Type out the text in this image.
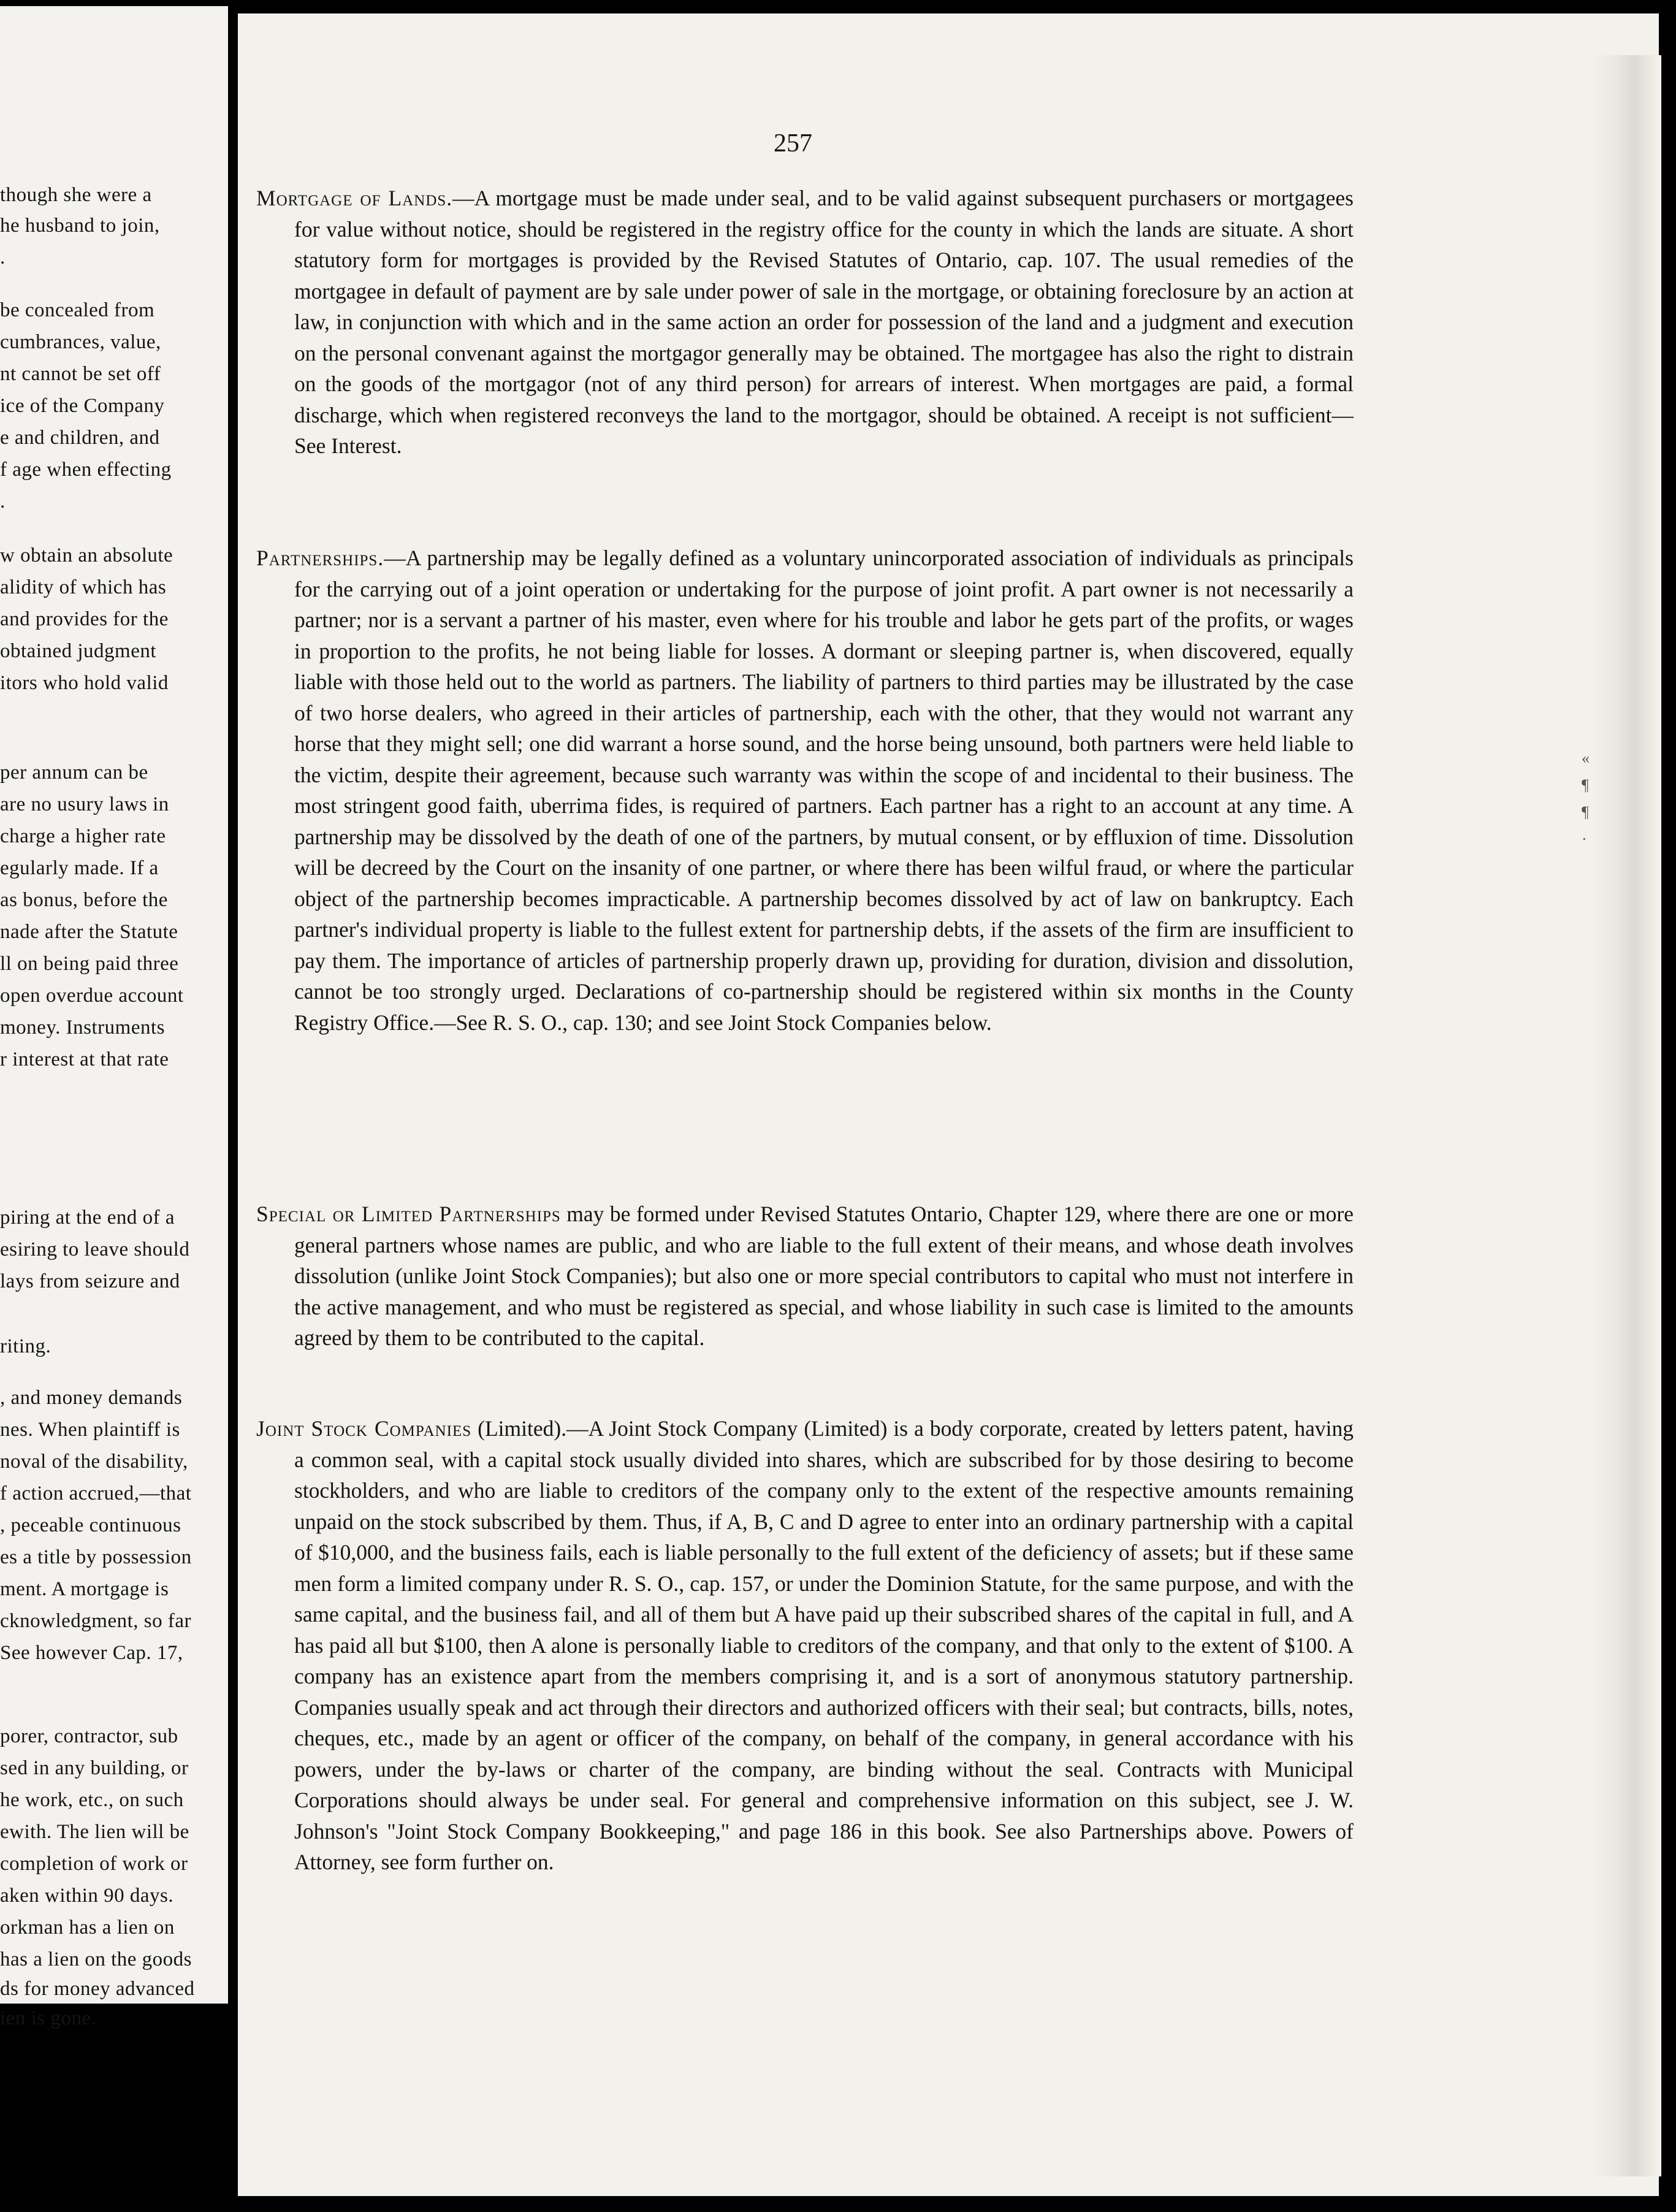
though she were a
he husband to join,
.
be concealed from
cumbrances, value,
nt cannot be set off
ice of the Company
e and children, and
f age when effecting
.
w obtain an absolute
alidity of which has
and provides for the
obtained judgment
itors who hold valid
per annum can be
are no usury laws in
charge a higher rate
egularly made. If a
as bonus, before the
nade after the Statute
ll on being paid three
open overdue account
money. Instruments
r interest at that rate
piring at the end of a
esiring to leave should
lays from seizure and
riting.
, and money demands
nes. When plaintiff is
noval of the disability,
f action accrued,—that
, peceable continuous
es a title by possession
ment. A mortgage is
cknowledgment, so far
See however Cap. 17,
porer, contractor, sub
sed in any building, or
he work, etc., on such
ewith. The lien will be
completion of work or
aken within 90 days.
orkman has a lien on
has a lien on the goods
ds for money advanced
ien is gone.
«
¶
¶
·
257

Mortgage of Lands.—A mortgage must be made under seal, and to be valid against subsequent purchasers or mortgagees for value without notice, should be registered in the registry office for the county in which the lands are situate. A short statutory form for mortgages is provided by the Revised Statutes of Ontario, cap. 107. The usual remedies of the mortgagee in default of payment are by sale under power of sale in the mortgage, or obtaining foreclosure by an action at law, in conjunction with which and in the same action an order for possession of the land and a judgment and execution on the personal convenant against the mortgagor generally may be obtained. The mortgagee has also the right to distrain on the goods of the mortgagor (not of any third person) for arrears of interest. When mortgages are paid, a formal discharge, which when registered reconveys the land to the mortgagor, should be obtained. A receipt is not sufficient—See Interest.

Partnerships.—A partnership may be legally defined as a voluntary unincorporated association of individuals as principals for the carrying out of a joint operation or undertaking for the purpose of joint profit. A part owner is not necessarily a partner; nor is a servant a partner of his master, even where for his trouble and labor he gets part of the profits, or wages in proportion to the profits, he not being liable for losses. A dormant or sleeping partner is, when discovered, equally liable with those held out to the world as partners. The liability of partners to third parties may be illustrated by the case of two horse dealers, who agreed in their articles of partnership, each with the other, that they would not warrant any horse that they might sell; one did warrant a horse sound, and the horse being unsound, both partners were held liable to the victim, despite their agreement, because such warranty was within the scope of and incidental to their business. The most stringent good faith, uberrima fides, is required of partners. Each partner has a right to an account at any time. A partnership may be dissolved by the death of one of the partners, by mutual consent, or by effluxion of time. Dissolution will be decreed by the Court on the insanity of one partner, or where there has been wilful fraud, or where the particular object of the partnership becomes impracticable. A partnership becomes dissolved by act of law on bankruptcy. Each partner's individual property is liable to the fullest extent for partnership debts, if the assets of the firm are insufficient to pay them. The importance of articles of partnership properly drawn up, providing for duration, division and dissolution, cannot be too strongly urged. Declarations of co-partnership should be registered within six months in the County Registry Office.—See R. S. O., cap. 130; and see Joint Stock Companies below.

Special or Limited Partnerships may be formed under Revised Statutes Ontario, Chapter 129, where there are one or more general partners whose names are public, and who are liable to the full extent of their means, and whose death involves dissolution (unlike Joint Stock Companies); but also one or more special contributors to capital who must not interfere in the active management, and who must be registered as special, and whose liability in such case is limited to the amounts agreed by them to be contributed to the capital.

Joint Stock Companies (Limited).—A Joint Stock Company (Limited) is a body corporate, created by letters patent, having a common seal, with a capital stock usually divided into shares, which are subscribed for by those desiring to become stockholders, and who are liable to creditors of the company only to the extent of the respective amounts remaining unpaid on the stock subscribed by them. Thus, if A, B, C and D agree to enter into an ordinary partnership with a capital of $10,000, and the business fails, each is liable personally to the full extent of the deficiency of assets; but if these same men form a limited company under R. S. O., cap. 157, or under the Dominion Statute, for the same purpose, and with the same capital, and the business fail, and all of them but A have paid up their subscribed shares of the capital in full, and A has paid all but $100, then A alone is personally liable to creditors of the company, and that only to the extent of $100. A company has an existence apart from the members comprising it, and is a sort of anonymous statutory partnership. Companies usually speak and act through their directors and authorized officers with their seal; but contracts, bills, notes, cheques, etc., made by an agent or officer of the company, on behalf of the company, in general accordance with his powers, under the by-laws or charter of the company, are binding without the seal. Contracts with Municipal Corporations should always be under seal. For general and comprehensive information on this subject, see J. W. Johnson's "Joint Stock Company Bookkeeping," and page 186 in this book. See also Partnerships above. Powers of Attorney, see form further on.
